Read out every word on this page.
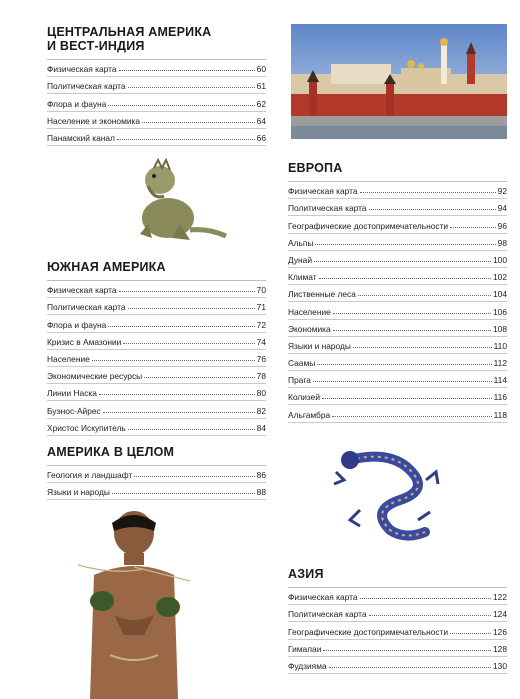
ЦЕНТРАЛЬНАЯ АМЕРИКА
И ВЕСТ-ИНДИЯ
Физическая карта	60
Политическая карта	61
Флора и фауна	62
Население и экономика	64
Панамский канал	66
ЮЖНАЯ АМЕРИКА
Физическая карта	70
Политическая карта	71
Флора и фауна	72
Кризис в Амазонии	74
Население	76
Экономические ресурсы	78
Линии Наска	80
Буэнос-Айрес	82
Христос Искупитель	84
АМЕРИКА В ЦЕЛОМ
Геология и ландшафт	86
Языки и народы	88
ЕВРОПА
Физическая карта	92
Политическая карта	94
Географические достопримечательности	96
Альпы	98
Дунай	100
Климат	102
Лиственные леса	104
Население	106
Экономика	108
Языки и народы	110
Саамы	112
Прага	114
Колизей	116
Альгамбра	118
АЗИЯ
Физическая карта	122
Политическая карта	124
Географические достопримечательности	126
Гималаи	128
Фудзияма	130
